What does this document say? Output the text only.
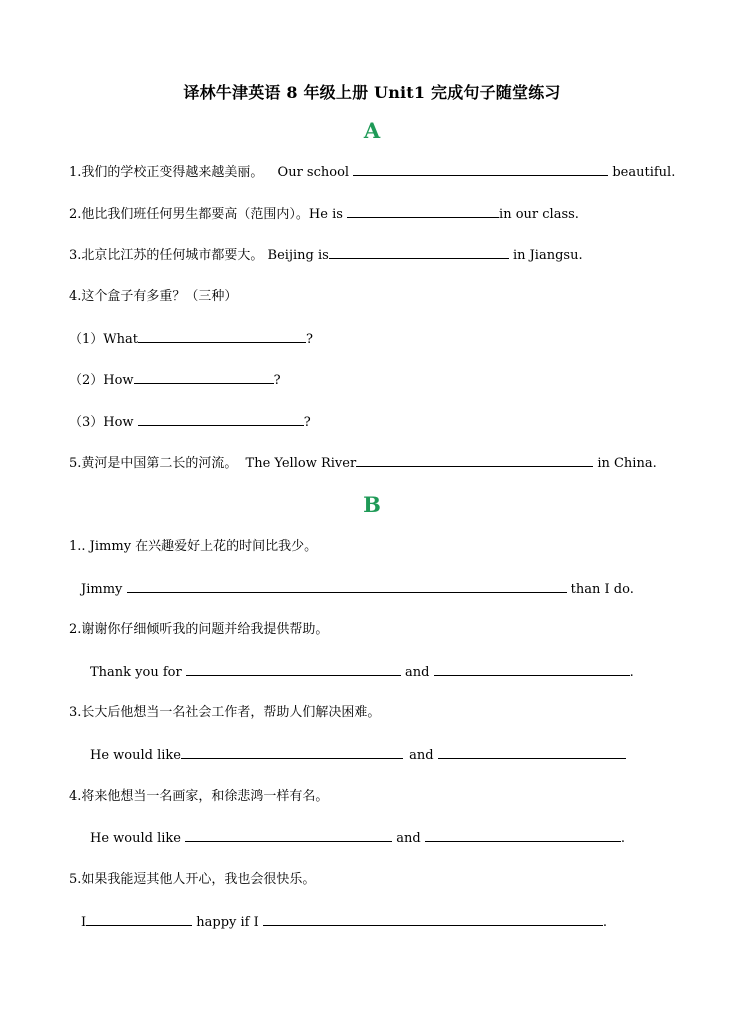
译林牛津英语 8 年级上册 Unit1 完成句子随堂练习
A
1.我们的学校正变得越来越美丽。 Our school	beautiful.
2.他比我们班任何男生都要高（范围内）。He is	in our class.
3.北京比江苏的任何城市都要大。 Beijing is	in Jiangsu.
4.这个盒子有多重？（三种）
（1）What	?
（2）How	?
（3）How	?
5.黄河是中国第二长的河流。 The Yellow River	in China.
B
1.. Jimmy 在兴趣爱好上花的时间比我少。
Jimmy	than I do.
2.谢谢你仔细倾听我的问题并给我提供帮助。
Thank you for	and	.
3.长大后他想当一名社会工作者，帮助人们解决困难。
He would like	and
4.将来他想当一名画家，和徐悲鸿一样有名。
He would like	and	.
5.如果我能逗其他人开心，我也会很快乐。
I	happy if I	.
